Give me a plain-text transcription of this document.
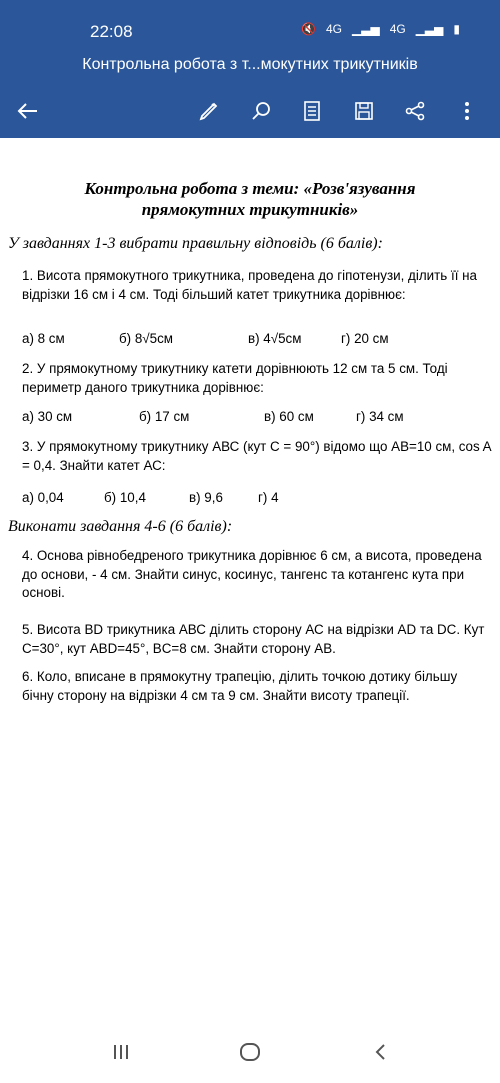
22:08	🔇 4G ▁▃▅ 4G ▁▃▅ ▮
Контрольна робота з т...мокутних трикутників
Контрольна робота з теми: «Розв'язування
прямокутних трикутників»
У завданнях 1-3 вибрати правильну відповідь (6 балів):
1. Висота прямокутного трикутника, проведена до гіпотенузи, ділить її на відрізки 16 см і 4 см. Тоді більший катет трикутника дорівнює:
а) 8 см	б) 8√5см	в) 4√5см	г) 20 см
2. У прямокутному трикутнику катети дорівнюють 12 см та 5 см. Тоді периметр даного трикутника дорівнює:
а) 30 см	б) 17 см	в) 60 см	г) 34 см
3. У прямокутному трикутнику АВС (кут C = 90°) відомо що АВ=10 см, cos A = 0,4. Знайти катет АС:
а) 0,04	б) 10,4	в) 9,6	г) 4
Виконати завдання 4-6 (6 балів):
4. Основа рівнобедреного трикутника дорівнює 6 см, а висота, проведена до основи, - 4 см. Знайти синус, косинус, тангенс та котангенс кута при основі.
5. Висота BD трикутника АВС ділить сторону АС на відрізки AD та DC. Кут C=30°, кут ABD=45°, BC=8 см. Знайти сторону АВ.
6. Коло, вписане в прямокутну трапецію, ділить точкою дотику більшу бічну сторону на відрізки 4 см та 9 см. Знайти висоту трапеції.
